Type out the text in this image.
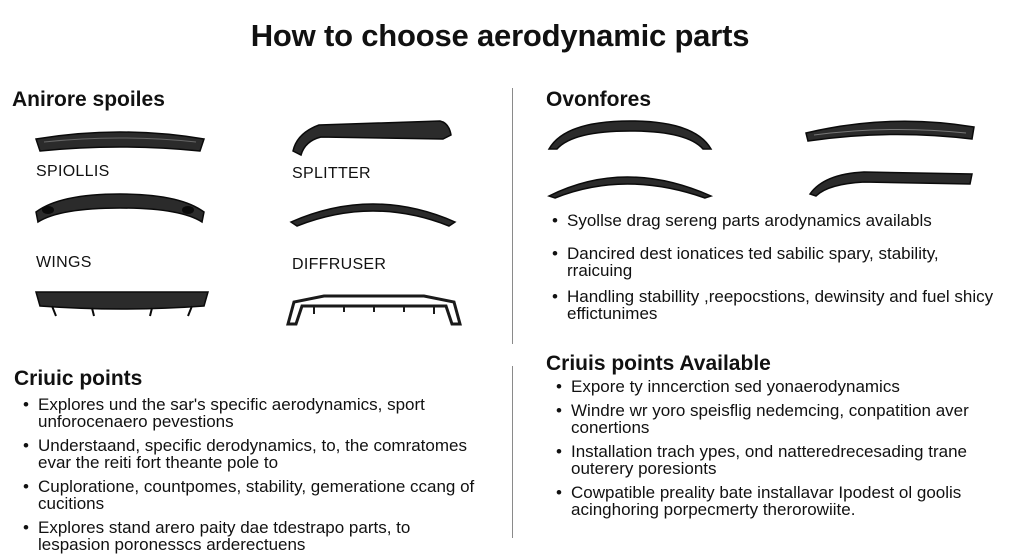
How to choose aerodynamic parts
Anirore spoiles
SPIOLLIS	SPLITTER
WINGS	DIFFRUSER
Criuic points
• Explores und the sar's specific aerodynamics, sport unforocenaero pevestions
• Understaand, specific derodynamics, to, the comratomes evar the reiti fort theante pole to
• Cuploratione, countpomes, stability, gemeratione ccang of cucitions
• Explores stand arero paity dae tdestrapo parts, to lespasion poronesscs arderectuens
Ovonfores
• Syollse drag sereng parts arodynamics availabls
• Dancired dest ionatices ted sabilic spary, stability, rraicuing
• Handling stabillity ,reepocstions, dewinsity and fuel shicy effictunimes
Criuis points Available
• Expore ty inncerction sed yonaerodynamics
• Windre wr yoro speisflig nedemcing, conpatition aver conertions
• Installation trach ypes, ond natteredrecesading trane outerery poresionts
• Cowpatible preality bate installavar Ipodest ol goolis acinghoring porpecmerty therorowiite.
